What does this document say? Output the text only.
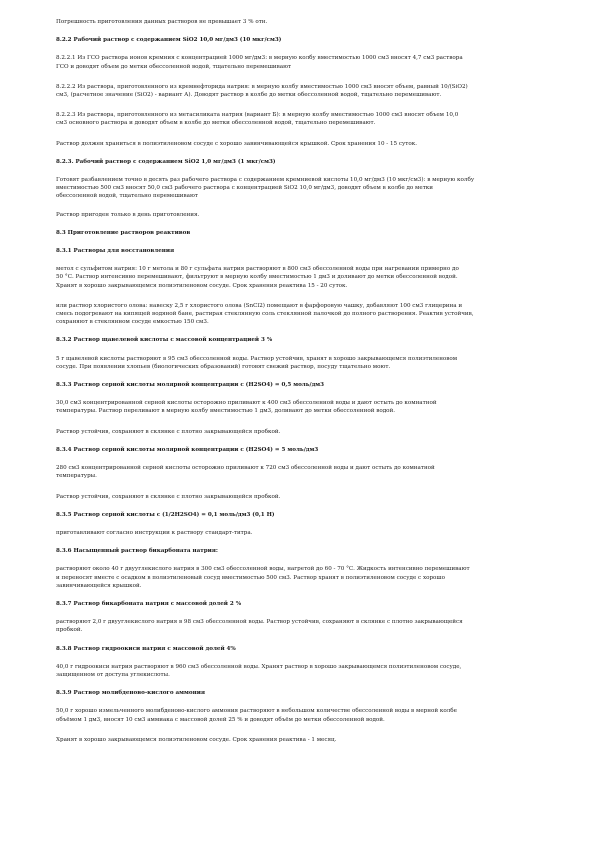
Погрешность приготовления данных растворов не превышает 3 % отн.

8.2.2 Рабочий раствор с содержанием SiO2 10,0 мг/дм3 (10 мкг/см3)

8.2.2.1 Из ГСО раствора ионов кремния с концентрацией 1000 мг/дм3: в мерную колбу вместимостью 1000 см3 вносят 4,7 см3 раствора
ГСО и доводят объем до метки обессоленной водой, тщательно перемешивают

8.2.2.2 Из раствора, приготовленного из кремнефторида натрия: в мерную колбу вместимостью 1000 см3 вносят объем, равный 10/(SiO2)
см3, (расчетное значение (SiO2) - вариант А). Доводят раствор в колбе до метки обессоленной водой, тщательно перемешивают.

8.2.2.3 Из раствора, приготовленного из метасиликата натрия (вариант Б): в мерную колбу вместимостью 1000 см3 вносят объем 10,0
см3 основного раствора и доводят объем в колбе до метки обессоленной водой, тщательно перемешивают.

Раствор должен храниться в полиэтиленовом сосуде с хорошо завинчивающейся крышкой. Срок хранения 10 - 15 суток.

8.2.3. Рабочий раствор с содержанием SiO2 1,0 мг/дм3 (1 мкг/см3)

Готовят разбавлением точно в десять раз рабочего раствора с содержанием кремниевой кислоты 10,0 мг/дм3 (10 мкг/см3): в мерную колбу
вместимостью 500 см3 вносят 50,0 см3 рабочего раствора с концентрацией SiO2 10,0 мг/дм3, доводят объем в колбе до метки
обессоленной водой, тщательно перемешивают

Раствор пригоден только в день приготовления.

8.3 Приготовление растворов реактивов

8.3.1 Растворы для восстановления

метол с сульфитом натрия: 10 г метола и 80 г сульфата натрия растворяют в 800 см3 обессоленной воды при нагревании примерно до
50 °С. Раствор интенсивно перемешивают, фильтруют в мерную колбу вместимостью 1 дм3 и доливают до метки обессоленной водой.
Хранят в хорошо закрывающемся полиэтиленовом сосуде. Срок хранения реактива 15 - 20 суток.

или раствор хлористого олова: навеску 2,5 г хлористого олова (SnCl2) помещают в фарфоровую чашку, добавляют 100 см3 глицерина и
смесь подогревают на кипящей водяной бане, растирая стеклянную соль стеклянной палочкой до полного растворения. Реактив устойчив,
сохраняют в стеклянном сосуде емкостью 150 см3.

8.3.2 Раствор щавелевой кислоты с массовой концентрацией 3 %

5 г щавелевой кислоты растворяют в 95 см3 обессоленной воды. Раствор устойчив, хранят в хорошо закрывающемся полиэтиленовом
сосуде. При появлении хлопьев (биологических образований) готовят свежий раствор, посуду тщательно моют.

8.3.3 Раствор серной кислоты молярной концентрации с (H2SO4) = 0,5 моль/дм3

30,0 см3 концентрированной серной кислоты осторожно приливают к 400 см3 обессоленной воды и дают остыть до комнатной
температуры. Раствор переливают в мерную колбу вместимостью 1 дм3, доливают до метки обессоленной водой.

Раствор устойчив, сохраняют в склянке с плотно закрывающейся пробкой.

8.3.4 Раствор серной кислоты молярной концентрации с (H2SO4) = 5 моль/дм3

280 см3 концентрированной серной кислоты осторожно приливают к 720 см3 обессоленной воды и дают остыть до комнатной
температуры.

Раствор устойчив, сохраняют в склянке с плотно закрывающейся пробкой.

8.3.5 Раствор серной кислоты с (1/2H2SO4) = 0,1 моль/дм3 (0,1 Н)

приготавливают согласно инструкции к раствору стандарт-титра.

8.3.6 Насыщенный раствор бикарбоната натрия:

растворяют около 40 г двууглекислого натрия в 300 см3 обессоленной воды, нагретой до 60 - 70 °С. Жидкость интенсивно перемешивают
и переносят вместе с осадком в полиэтиленовый сосуд вместимостью 500 см3. Раствор хранят в полиэтиленовом сосуде с хорошо
завинчивающейся крышкой.

8.3.7 Раствор бикарбоната натрия с массовой долей 2 %

растворяют 2,0 г двууглекислого натрия в 98 см3 обессоленной воды. Раствор устойчив, сохраняют в склянке с плотно закрывающейся
пробкой.

8.3.8 Раствор гидроокиси натрия с массовой долей 4%

40,0 г гидроокиси натрия растворяют в 960 см3 обессоленной воды. Хранят раствор в хорошо закрывающемся полиэтиленовом сосуде,
защищенном от доступа углекислоты.

8.3.9 Раствор молибденово-кислого аммония

50,0 г хорошо измельченного молибденово-кислого аммония растворяют в небольшом количестве обессоленной воды в мерной колбе
объёмом 1 дм3, вносят 10 см3 аммиака с массовой долей 25 % и доводят объём до метки обессоленной водой.

Хранят в хорошо закрывающемся полиэтиленовом сосуде. Срок хранения реактива - 1 месяц.
